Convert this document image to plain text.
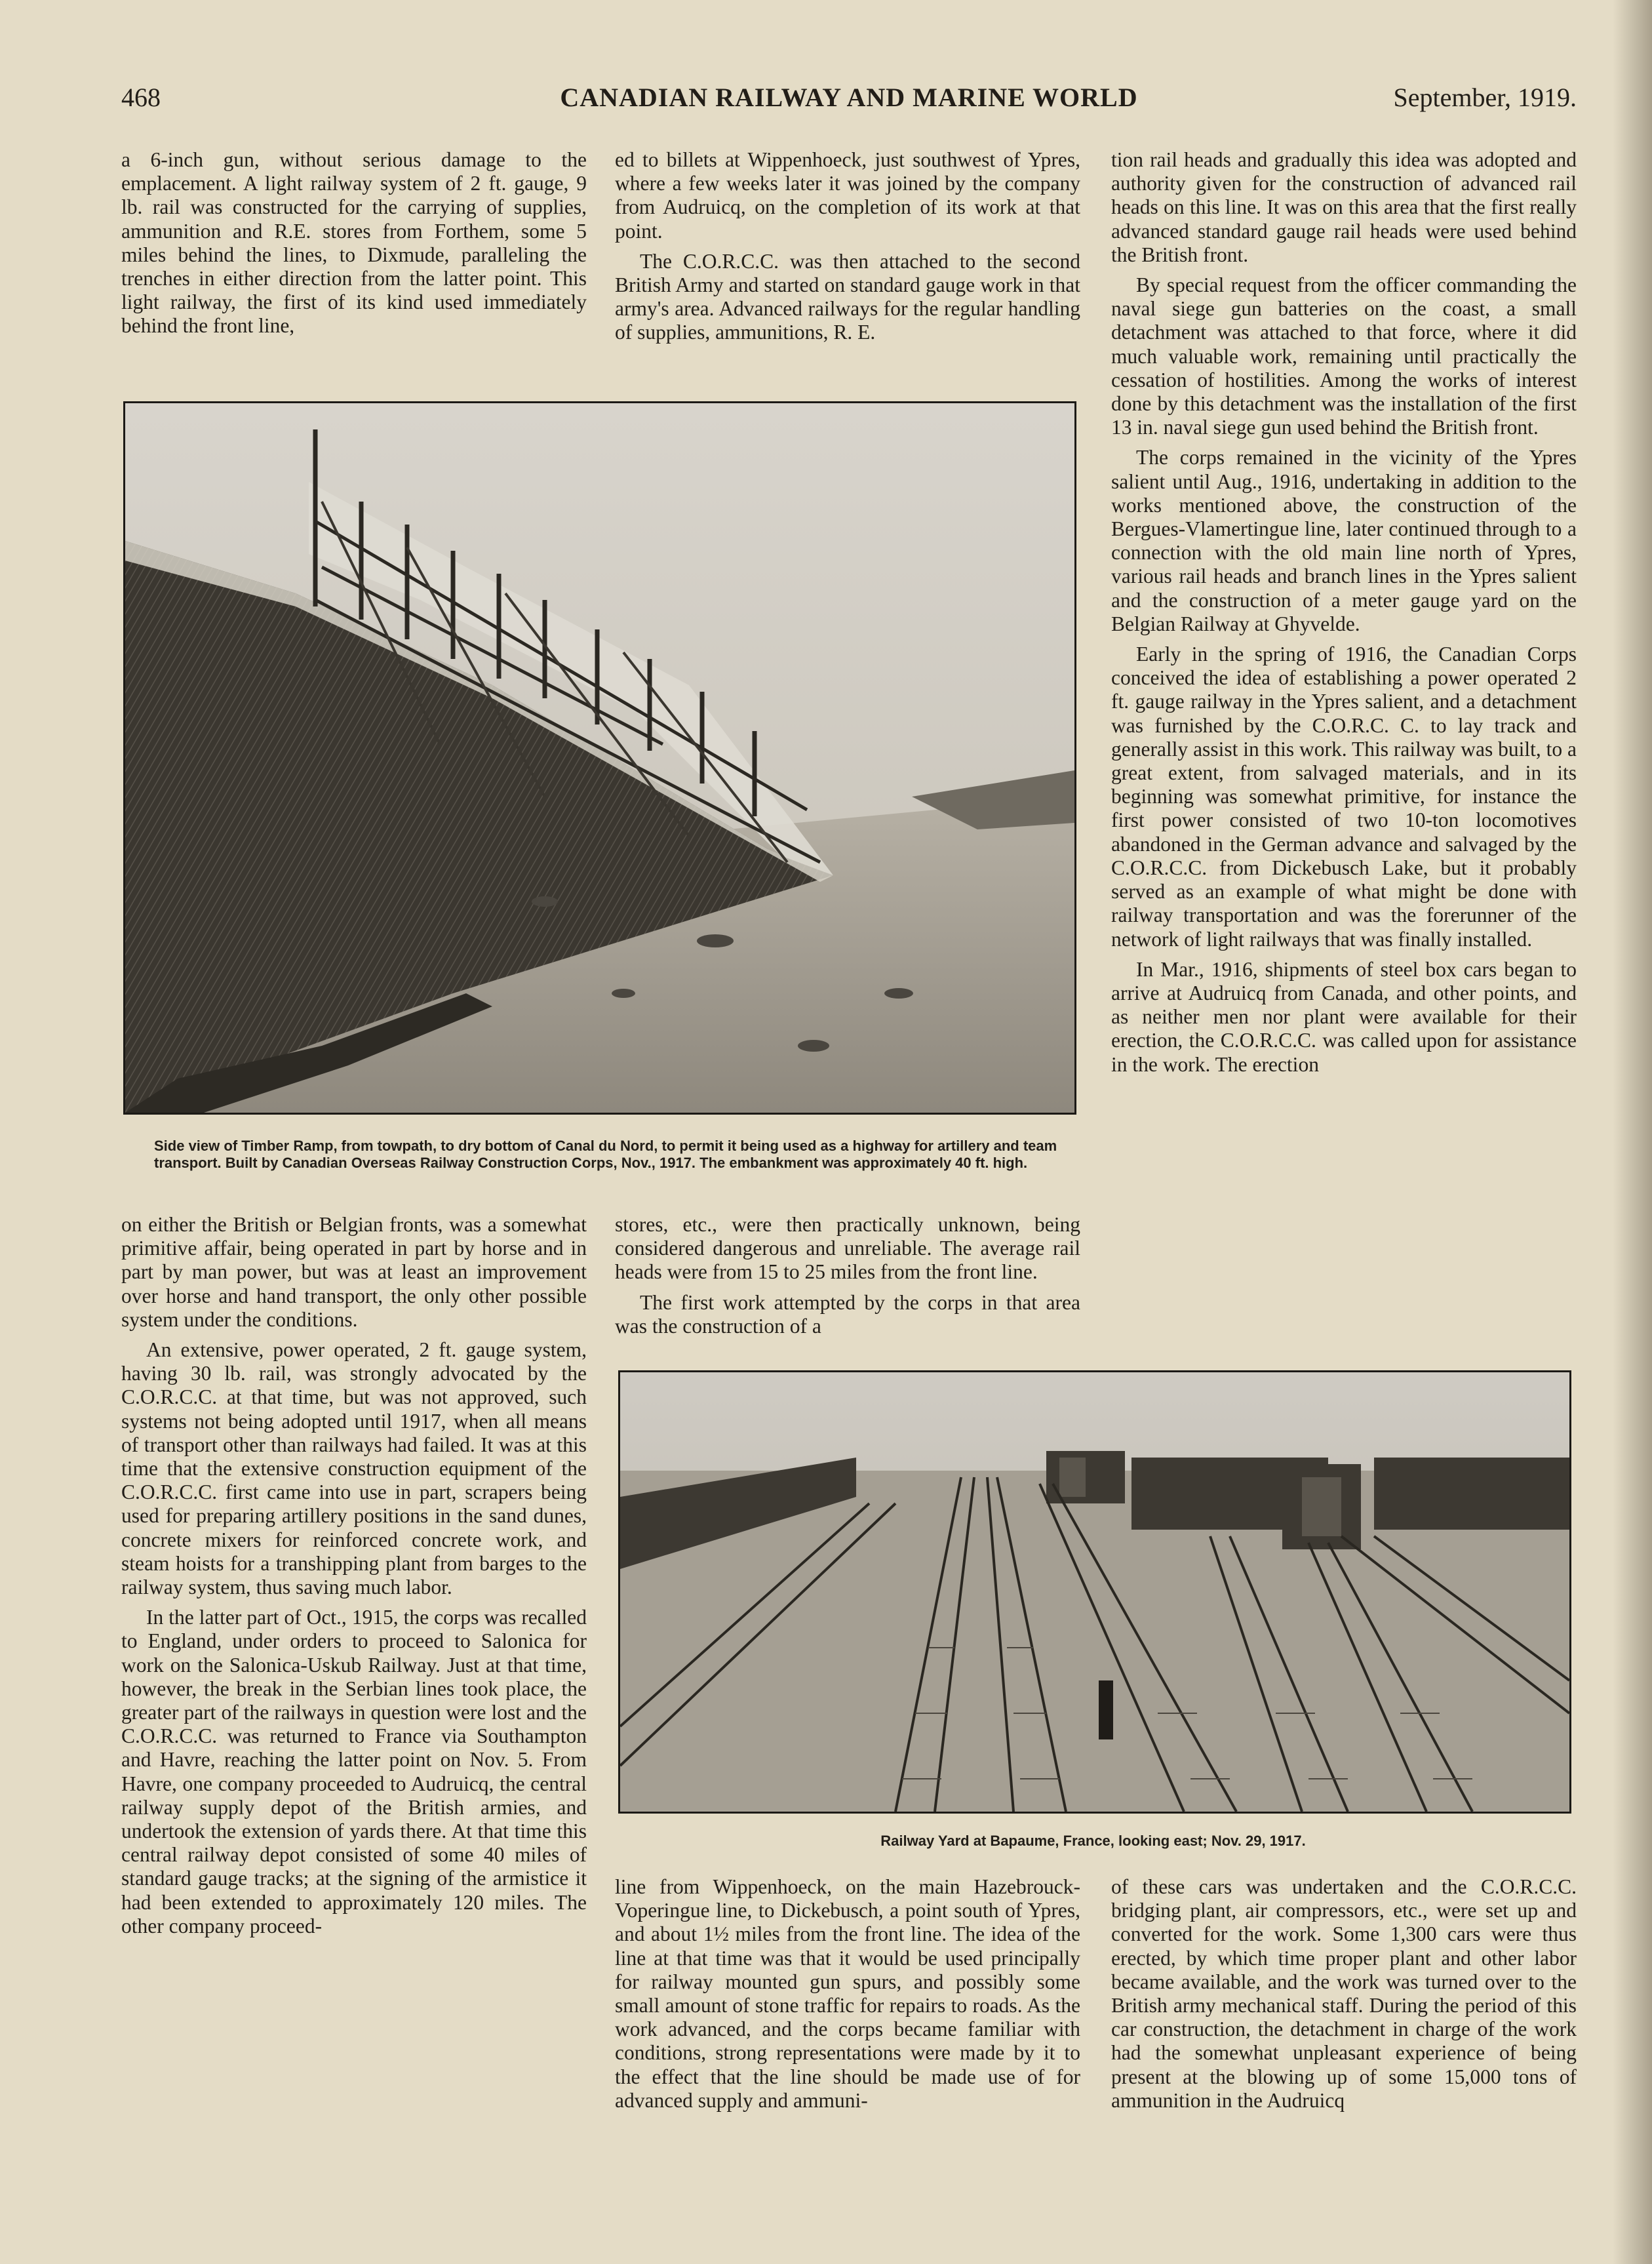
468	CANADIAN RAILWAY AND MARINE WORLD	September, 1919.

a 6-inch gun, without serious damage to the emplacement. A light railway system of 2 ft. gauge, 9 lb. rail was constructed for the carrying of supplies, ammunition and R.E. stores from Forthem, some 5 miles behind the lines, to Dixmude, paralleling the trenches in either direction from the latter point. This light railway, the first of its kind used immediately behind the front line,

ed to billets at Wippenhoeck, just southwest of Ypres, where a few weeks later it was joined by the company from Audruicq, on the completion of its work at that point.

The C.O.R.C.C. was then attached to the second British Army and started on standard gauge work in that army's area. Advanced railways for the regular handling of supplies, ammunitions, R. E.

tion rail heads and gradually this idea was adopted and authority given for the construction of advanced rail heads on this line. It was on this area that the first really advanced standard gauge rail heads were used behind the British front.

By special request from the officer commanding the naval siege gun batteries on the coast, a small detachment was attached to that force, where it did much valuable work, remaining until practically the cessation of hostilities. Among the works of interest done by this detachment was the installation of the first 13 in. naval siege gun used behind the British front.

The corps remained in the vicinity of the Ypres salient until Aug., 1916, undertaking in addition to the works mentioned above, the construction of the Bergues-Vlamertingue line, later continued through to a connection with the old main line north of Ypres, various rail heads and branch lines in the Ypres salient and the construction of a meter gauge yard on the Belgian Railway at Ghyvelde.

Early in the spring of 1916, the Canadian Corps conceived the idea of establishing a power operated 2 ft. gauge railway in the Ypres salient, and a detachment was furnished by the C.O.R.C. C. to lay track and generally assist in this work. This railway was built, to a great extent, from salvaged materials, and in its beginning was somewhat primitive, for instance the first power consisted of two 10-ton locomotives abandoned in the German advance and salvaged by the C.O.R.C.C. from Dickebusch Lake, but it probably served as an example of what might be done with railway transportation and was the forerunner of the network of light railways that was finally installed.

In Mar., 1916, shipments of steel box cars began to arrive at Audruicq from Canada, and other points, and as neither men nor plant were available for their erection, the C.O.R.C.C. was called upon for assistance in the work. The erection

Side view of Timber Ramp, from towpath, to dry bottom of Canal du Nord, to permit it being used as a highway for artillery and team transport. Built by Canadian Overseas Railway Construction Corps, Nov., 1917. The embankment was approximately 40 ft. high.

on either the British or Belgian fronts, was a somewhat primitive affair, being operated in part by horse and in part by man power, but was at least an improvement over horse and hand transport, the only other possible system under the conditions.

An extensive, power operated, 2 ft. gauge system, having 30 lb. rail, was strongly advocated by the C.O.R.C.C. at that time, but was not approved, such systems not being adopted until 1917, when all means of transport other than railways had failed. It was at this time that the extensive construction equipment of the C.O.R.C.C. first came into use in part, scrapers being used for preparing artillery positions in the sand dunes, concrete mixers for reinforced concrete work, and steam hoists for a transhipping plant from barges to the railway system, thus saving much labor.

In the latter part of Oct., 1915, the corps was recalled to England, under orders to proceed to Salonica for work on the Salonica-Uskub Railway. Just at that time, however, the break in the Serbian lines took place, the greater part of the railways in question were lost and the C.O.R.C.C. was returned to France via Southampton and Havre, reaching the latter point on Nov. 5. From Havre, one company proceeded to Audruicq, the central railway supply depot of the British armies, and undertook the extension of yards there. At that time this central railway depot consisted of some 40 miles of standard gauge tracks; at the signing of the armistice it had been extended to approximately 120 miles. The other company proceed-

stores, etc., were then practically unknown, being considered dangerous and unreliable. The average rail heads were from 15 to 25 miles from the front line.

The first work attempted by the corps in that area was the construction of a

Railway Yard at Bapaume, France, looking east; Nov. 29, 1917.

line from Wippenhoeck, on the main Hazebrouck-Voperingue line, to Dickebusch, a point south of Ypres, and about 1½ miles from the front line. The idea of the line at that time was that it would be used principally for railway mounted gun spurs, and possibly some small amount of stone traffic for repairs to roads. As the work advanced, and the corps became familiar with conditions, strong representations were made by it to the effect that the line should be made use of for advanced supply and ammuni-

of these cars was undertaken and the C.O.R.C.C. bridging plant, air compressors, etc., were set up and converted for the work. Some 1,300 cars were thus erected, by which time proper plant and other labor became available, and the work was turned over to the British army mechanical staff. During the period of this car construction, the detachment in charge of the work had the somewhat unpleasant experience of being present at the blowing up of some 15,000 tons of ammunition in the Audruicq
